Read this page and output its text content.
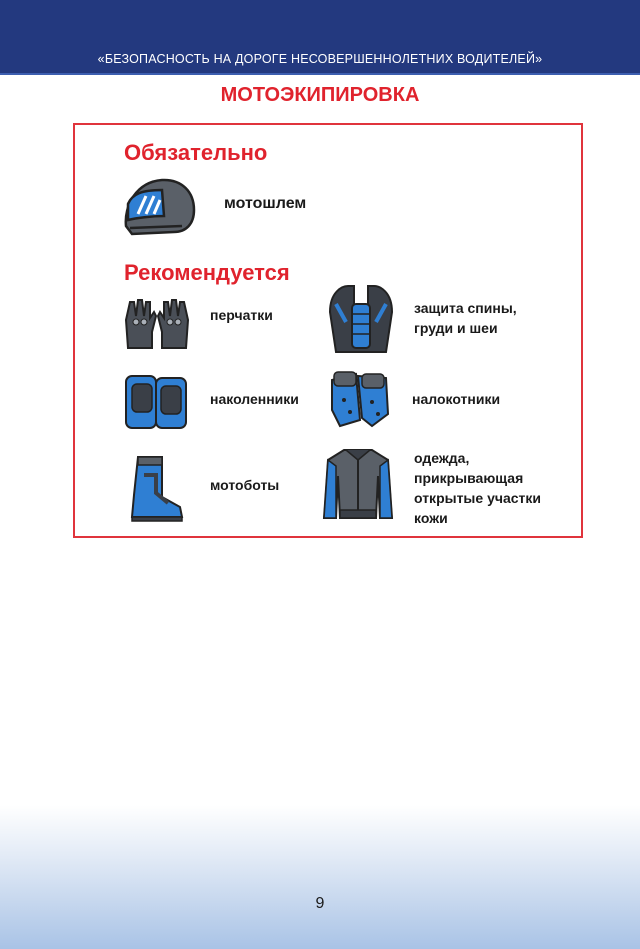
«БЕЗОПАСНОСТЬ НА ДОРОГЕ НЕСОВЕРШЕННОЛЕТНИХ ВОДИТЕЛЕЙ»
МОТОЭКИПИРОВКА
Обязательно
мотошлем
Рекомендуется
перчатки	защита спины,
груди и шеи
наколенники	налокотники
мотоботы
одежда,
прикрывающая
открытые участки
кожи
9
